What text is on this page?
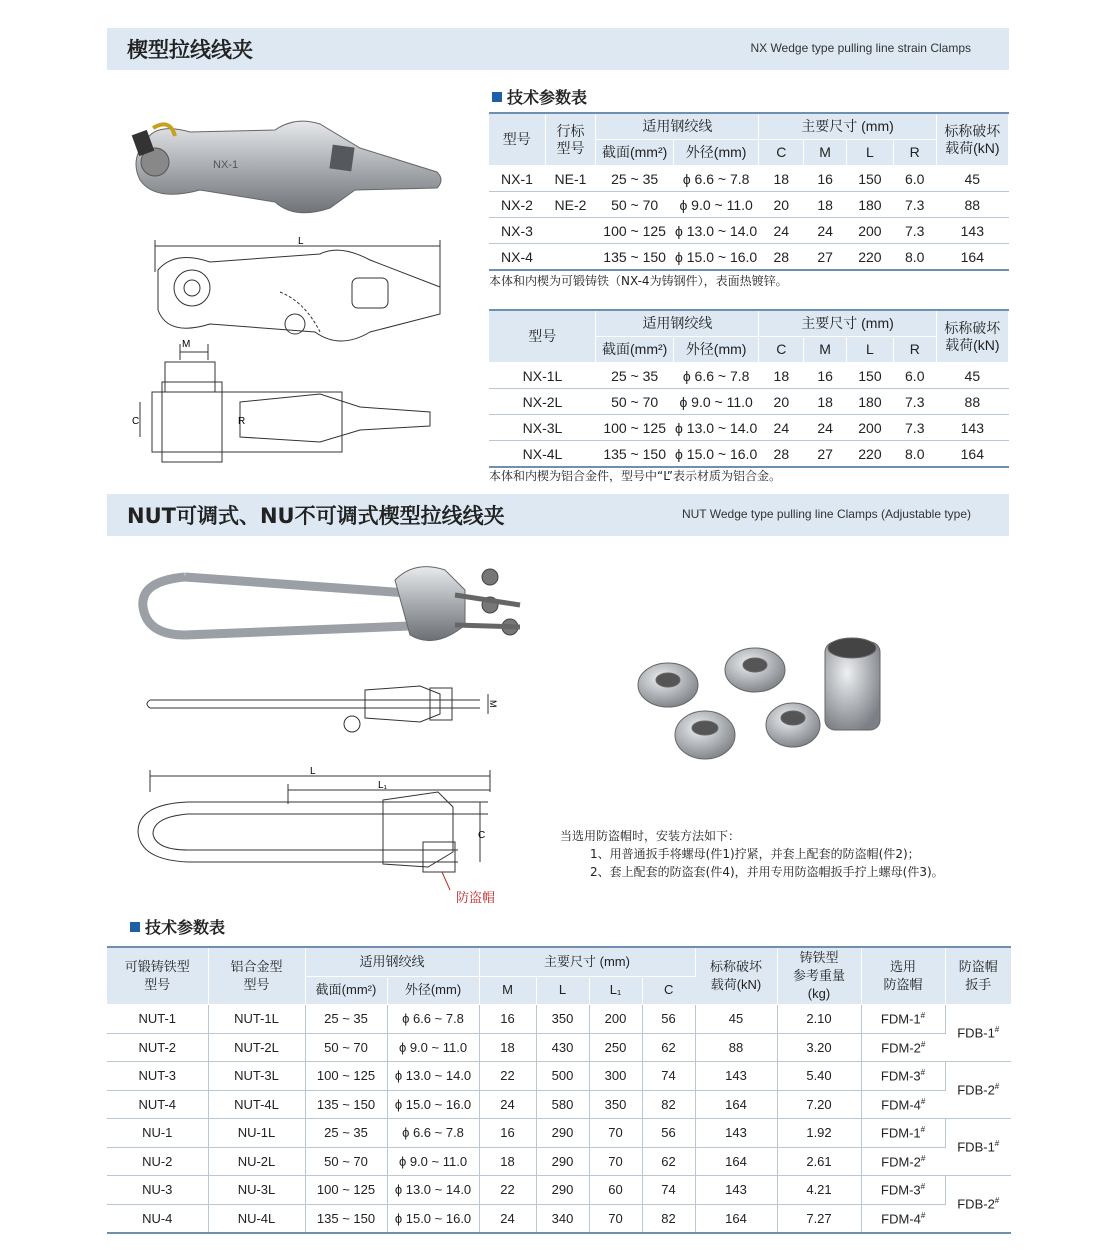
楔型拉线线夹	NX Wedge type pulling line strain Clamps
技术参数表
NX-1
L
M
C	R
型号	行标
型号	适用钢绞线		主要尺寸 (mm)				标称破坏
载荷(kN)
		截面(mm²)	外径(mm)	C	M	L	R	
NX-1	NE-1	25 ~ 35	ϕ 6.6 ~ 7.8	18	16	150	6.0	45
NX-2	NE-2	50 ~ 70	ϕ 9.0 ~ 11.0	20	18	180	7.3	88
NX-3		100 ~ 125	ϕ 13.0 ~ 14.0	24	24	200	7.3	143
NX-4		135 ~ 150	ϕ 15.0 ~ 16.0	28	27	220	8.0	164
本体和内楔为可锻铸铁（NX-4为铸钢件），表面热镀锌。
型号	适用钢绞线		主要尺寸 (mm)				标称破坏
载荷(kN)
	截面(mm²)	外径(mm)	C	M	L	R	
NX-1L	25 ~ 35	ϕ 6.6 ~ 7.8	18	16	150	6.0	45
NX-2L	50 ~ 70	ϕ 9.0 ~ 11.0	20	18	180	7.3	88
NX-3L	100 ~ 125	ϕ 13.0 ~ 14.0	24	24	200	7.3	143
NX-4L	135 ~ 150	ϕ 15.0 ~ 16.0	28	27	220	8.0	164
本体和内楔为铝合金件，型号中“L”表示材质为铝合金。
NUT可调式、NU不可调式楔型拉线线夹	NUT Wedge type pulling line Clamps (Adjustable type)
M
L
L₁
C
防盗帽
当选用防盗帽时，安装方法如下：
1、用普通扳手将螺母(件1)拧紧，并套上配套的防盗帽(件2)；
2、套上配套的防盗套(件4)，并用专用防盗帽扳手拧上螺母(件3)。
技术参数表
可锻铸铁型
型号	铝合金型
型号	适用钢绞线		主要尺寸 (mm)				标称破坏
载荷(kN)	铸铁型
参考重量
(kg)	选用
防盗帽	防盗帽
扳手
		截面(mm²)	外径(mm)	M	L	L₁	C				
NUT-1	NUT-1L	25 ~ 35	ϕ 6.6 ~ 7.8	16	350	200	56	45	2.10	FDM-1#	FDB-1#
NUT-2	NUT-2L	50 ~ 70	ϕ 9.0 ~ 11.0	18	430	250	62	88	3.20	FDM-2#
NUT-3	NUT-3L	100 ~ 125	ϕ 13.0 ~ 14.0	22	500	300	74	143	5.40	FDM-3#	FDB-2#
NUT-4	NUT-4L	135 ~ 150	ϕ 15.0 ~ 16.0	24	580	350	82	164	7.20	FDM-4#
NU-1	NU-1L	25 ~ 35	ϕ 6.6 ~ 7.8	16	290	70	56	143	1.92	FDM-1#	FDB-1#
NU-2	NU-2L	50 ~ 70	ϕ 9.0 ~ 11.0	18	290	70	62	164	2.61	FDM-2#
NU-3	NU-3L	100 ~ 125	ϕ 13.0 ~ 14.0	22	290	60	74	143	4.21	FDM-3#	FDB-2#
NU-4	NU-4L	135 ~ 150	ϕ 15.0 ~ 16.0	24	340	70	82	164	7.27	FDM-4#
